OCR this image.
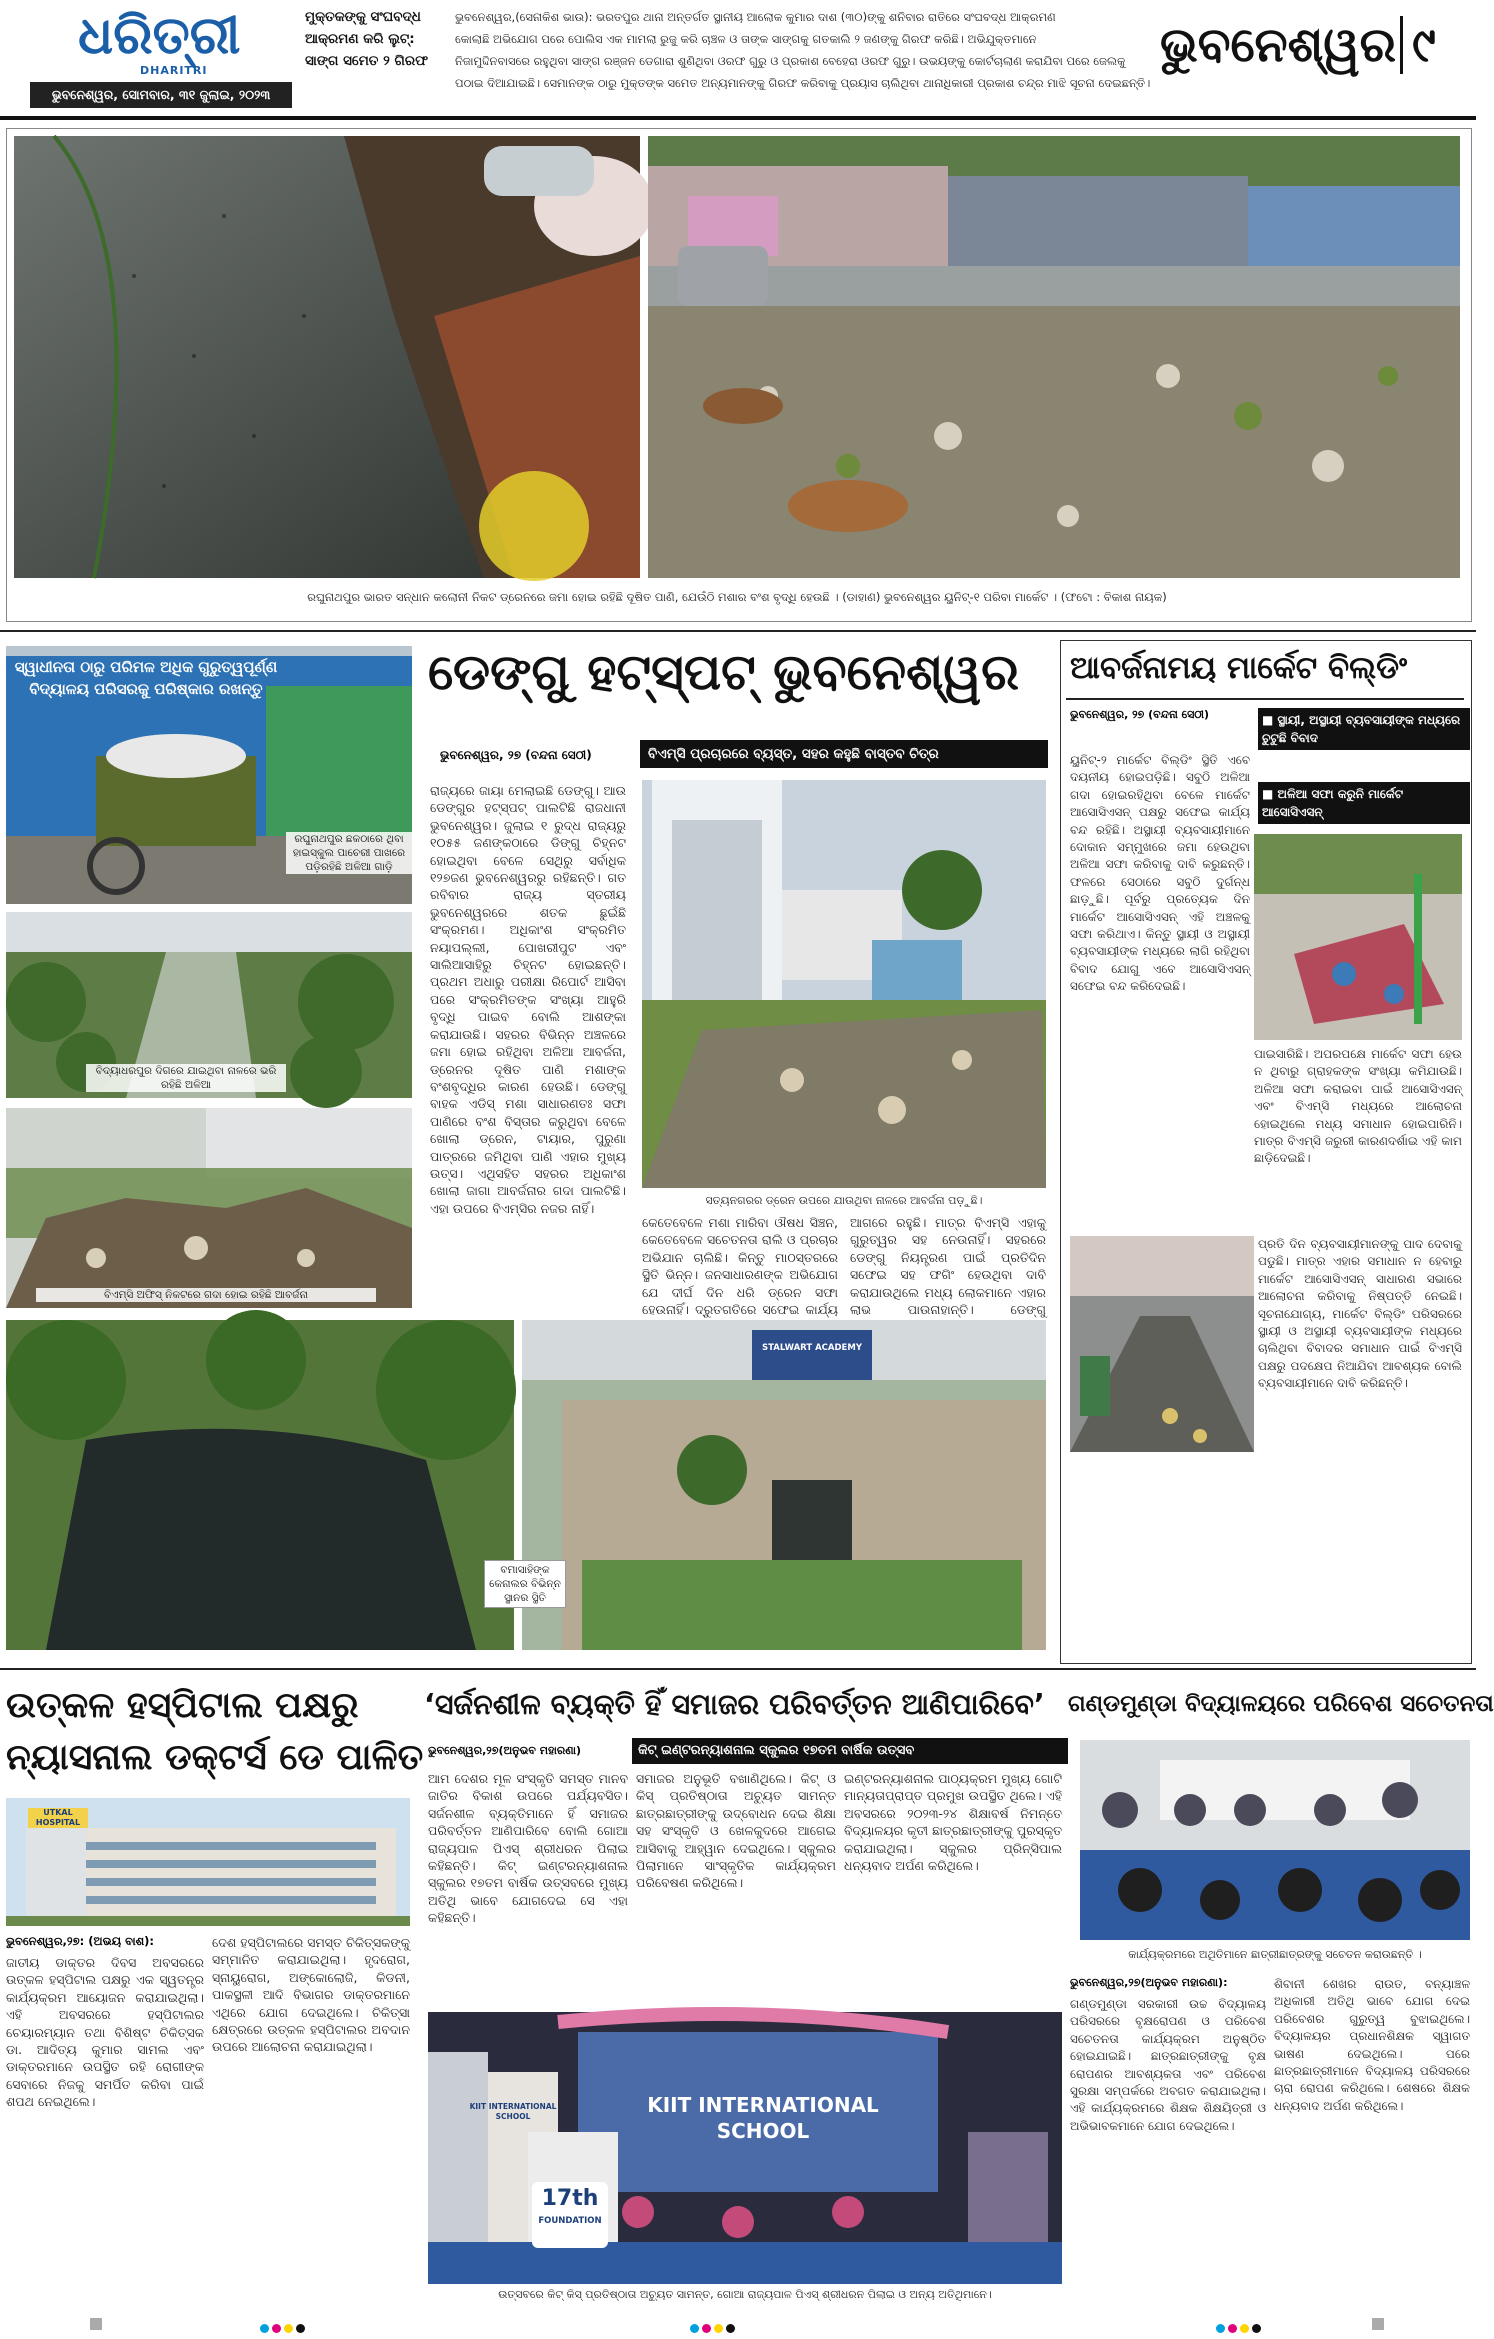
ଧରିତ୍ରୀ
DHARITRI
ଭୁବନେଶ୍ୱର, ସୋମବାର, ୩୧ ଜୁଲାଇ, ୨୦୨୩
ମୁକ୍ତକଙ୍କୁ ସଂଘବଦ୍ଧ
ଆକ୍ରମଣ କରି ଲୁଟ୍‌:
ସାଙ୍ଗ ସମେତ ୨ ଗିରଫ
ଭୁବନେଶ୍ୱର,(ସେନାକିଶ ଭାଉ): ଭରତପୁର ଥାନା ଅନ୍ତର୍ଗତ ସ୍ଥାନୀୟ ଆଲୋକ କୁମାର ଦାଶ (୩୦)ଙ୍କୁ ଶନିବାର ରାତିରେ ସଂଘବଦ୍ଧ ଆକ୍ରମଣ
କୋଲାଛି ଅଭିଯୋଗ ପରେ ପୋଲିସ ଏକ ମାମଲା ରୁଜୁ କରି ଚାଞ୍ଚଳ ଓ ତାଙ୍କ ସାଙ୍ଗକୁ ଗତକାଲି ୨ ଜଣଙ୍କୁ ଗିରଫ କରିଛି। ଅଭିଯୁକ୍ତମାନେ
ନିଜାମୁଦ୍ଦିନବାସରେ ରହୁଥିବା ସାଙ୍ଗ ରଞ୍ଜନ ଡେଗାରା ଶୁଣିଥିବା ଓରଫ ଗୁରୁ ଓ ପ୍ରକାଶ ବେହେରା ଓରଫ ଗୁରୁ। ଉଭୟଙ୍କୁ କୋର୍ଟଚାଲାଣ କରାଯିବା ପରେ ଜେଲକୁ
ପଠାଇ ଦିଆଯାଇଛି। ସେମାନଙ୍କ ଠାରୁ ମୁକ୍ତଙ୍କ ସମେତ ଅନ୍ୟମାନଙ୍କୁ ଗିରଫ କରିବାକୁ ପ୍ରୟାସ ଚାଲିଥିବା ଥାନାଧିକାରୀ ପ୍ରକାଶ ଚନ୍ଦ୍ର ମାଝି ସୂଚନା ଦେଇଛନ୍ତି।
ଭୁବନେଶ୍ୱର ୯
ରଘୁନାଥପୁର ଭାରତ ସନ୍ଧାନ କଲୋନୀ ନିକଟ ଡ୍ରେନରେ ଜମା ହୋଇ ରହିଛି ଦୂଷିତ ପାଣି, ଯେଉଁଠି ମଶାର ବଂଶ ବୃଦ୍ଧି ହେଉଛି । (ଡାହାଣ) ଭୁବନେଶ୍ୱର ୟୁନିଟ୍‌-୧ ପରିବା ମାର୍କେଟ । (ଫଟୋ : ବିକାଶ ନାୟକ)
ସ୍ୱାଧୀନତା ଠାରୁ ପରିମଳ ଅଧିକ ଗୁରୁତ୍ୱପୂର୍ଣ୍ଣ
ବିଦ୍ୟାଳୟ ପରିସରକୁ ପରିଷ୍କାର ରଖନ୍ତୁ
ରଘୁନାଥପୁର ଛକଠାରେ ଥିବା ହାଇସ୍କୁଲ ପାଚେରୀ ପାଖରେ ପଡ଼ିରହିଛି ଅଳିଆ ଗାଡ଼ି
ବିଦ୍ୟାଧରପୁର ଦିଗରେ ଯାଇଥିବା ନାଳରେ ଭରି ରହିଛି ଅଳିଆ
ବିଏମ୍‌ସି ଅଫିସ୍‌ ନିକଟରେ ଗଦା ହୋଇ ରହିଛି ଆବର୍ଜନା
ଡେଙ୍ଗୁ ହଟ୍‌ସ୍ପଟ୍‌ ଭୁବନେଶ୍ୱର
ଭୁବନେଶ୍ୱର, ୨୭ (ବନ୍ଦନା ସେଠୀ)	ବିଏମ୍‌ସି ପ୍ରଚାରରେ ବ୍ୟସ୍ତ, ସହର କହୁଛି ବାସ୍ତବ ଚିତ୍ର
ରାଜ୍ୟରେ ଜାୟା ମେଲାଇଛି ଡେଙ୍ଗୁ। ଆଉ ଡେଙ୍ଗୁର ହଟ୍‌ସ୍ପଟ୍‌ ପାଲଟିଛି ରାଜଧାନୀ ଭୁବନେଶ୍ୱର। ଜୁଲାଇ ୧ ରୁଦ୍ଧ ରାଜ୍ୟରୁ ୧୦୫୫ ଜଣଙ୍କଠାରେ ଡିଙ୍ଗୁ ଚିହ୍ନଟ ହୋଇଥିବା ବେଳେ ସେଥିରୁ ସର୍ବାଧିକ ୧୨୭ଜଣ ଭୁବନେଶ୍ୱରରୁ ରହିଛନ୍ତି। ଗତ ରବିବାର ରାଜ୍ୟ ସ୍ତରୀୟ ଭୁବନେଶ୍ୱରରେ ଶତକ ଛୁଇଁଛି ସଂକ୍ରମଣ। ଅଧିକାଂଶ ସଂକ୍ରମିତ ନୟାପଲ୍ଲୀ, ପୋଖରୀପୁଟ ଏବଂ ସାଲିଆସାହିରୁ ଚିହ୍ନଟ ହୋଇଛନ୍ତି। ପ୍ରଥମ ଅଧାରୁ ପରୀକ୍ଷା ରିପୋର୍ଟ ଆସିବା ପରେ ସଂକ୍ରମିତଙ୍କ ସଂଖ୍ୟା ଆହୁରି ବୃଦ୍ଧି ପାଇବ ବୋଲି ଆଶଙ୍କା କରାଯାଉଛି। ସହରର ବିଭିନ୍ନ ଅଞ୍ଚଳରେ ଜମା ହୋଇ ରହିଥିବା ଅଳିଆ ଆବର୍ଜନା, ଡ୍ରେନର ଦୂଷିତ ପାଣି ମଶାଙ୍କ ବଂଶବୃଦ୍ଧିର କାରଣ ହେଉଛି। ଡେଙ୍ଗୁ ବାହକ ଏଡିସ୍‌ ମଶା ସାଧାରଣତଃ ସଫା ପାଣିରେ ବଂଶ ବିସ୍ତାର କରୁଥିବା ବେଳେ ଖୋଲା ଡ୍ରେନ, ଟାୟାର, ପୁରୁଣା ପାତ୍ରରେ ଜମିଥିବା ପାଣି ଏହାର ମୁଖ୍ୟ ଉତ୍ସ। ଏଥିସହିତ ସହରର ଅଧିକାଂଶ ଖୋଲା ଜାଗା ଆବର୍ଜନାର ଗଦା ପାଲଟିଛି। ଏହା ଉପରେ ବିଏମ୍‌ସିର ନଜର ନାହିଁ।
ସତ୍ୟନଗରର ଡ୍ରେନ ଉପରେ ଯାଉଥିବା ନାଳରେ ଆବର୍ଜନା ପଡ଼ୁଛି।
କେତେବେଳେ ମଶା ମାରିବା ଔଷଧ ସିଞ୍ଚନ, କେତେବେଳେ ସଚେତନତା ରାଲି ଓ ପ୍ରଚାର ଅଭିଯାନ ଚାଲିଛି। କିନ୍ତୁ ମାଠସ୍ତରରେ ସ୍ଥିତି ଭିନ୍ନ। ଜନସାଧାରଣଙ୍କ ଅଭିଯୋଗ ଯେ ଦୀର୍ଘ ଦିନ ଧରି ଡ୍ରେନ ସଫା ହେଉନାହିଁ। ଦ୍ରୁତଗତିରେ ସଫେଇ କାର୍ଯ୍ୟ
ଆଗରେ ରହୁଛି। ମାତ୍ର ବିଏମ୍‌ସି ଏହାକୁ ଗୁରୁତ୍ୱର ସହ ନେଉନାହିଁ। ସହରରେ ଡେଙ୍ଗୁ ନିୟନ୍ତ୍ରଣ ପାଇଁ ପ୍ରତିଦିନ ସଫେଇ ସହ ଫଗିଂ ହେଉଥିବା ଦାବି କରାଯାଉଥିଲେ ମଧ୍ୟ ଲୋକମାନେ ଏହାର ଲାଭ ପାଉନାହାନ୍ତି। ଡେଙ୍ଗୁ
STALWART ACADEMY
ବମାସାହିଙ୍କ କେନାଲର ବିଭିନ୍ନ ସ୍ଥାନର ସ୍ଥିତି
ଆବର୍ଜନାମୟ ମାର୍କେଟ ବିଲ୍ଡିଂ
ଭୁବନେଶ୍ୱର, ୨୭ (ବନ୍ଦନା ସେଠୀ)	■ ସ୍ଥାୟୀ, ଅସ୍ଥାୟୀ ବ୍ୟବସାୟୀଙ୍କ ମଧ୍ୟରେ ଚୁଟୁଛି ବିବାଦ
■ ଅଳିଆ ସଫା କରୁନି ମାର୍କେଟ ଆସୋସିଏସନ୍‌
ୟୁନିଟ୍‌-୨ ମାର୍କେଟ ବିଲ୍ଡିଂ ସ୍ଥିତି ଏବେ ଦୟନୀୟ ହୋଇପଡ଼ିଛି। ସବୁଠି ଅଳିଆ ଗଦା ହୋଇରହିଥିବା ବେଳେ ମାର୍କେଟ ଆସୋସିଏସନ୍‌ ପକ୍ଷରୁ ସଫେଇ କାର୍ଯ୍ୟ ବନ୍ଦ ରହିଛି। ଅସ୍ଥାୟୀ ବ୍ୟବସାୟୀମାନେ ଦୋକାନ ସମ୍ମୁଖରେ ଜମା ହେଉଥିବା ଅଳିଆ ସଫା କରିବାକୁ ଦାବି କରୁଛନ୍ତି। ଫଳରେ ସେଠାରେ ସବୁଠି ଦୁର୍ଗନ୍ଧ ଛାଡ଼ୁଛି। ପୂର୍ବରୁ ପ୍ରତ୍ୟେକ ଦିନ ମାର୍କେଟ ଆସୋସିଏସନ୍‌ ଏହି ଅଞ୍ଚଳକୁ ସଫା କରିଥାଏ। କିନ୍ତୁ ସ୍ଥାୟୀ ଓ ଅସ୍ଥାୟୀ ବ୍ୟବସାୟୀଙ୍କ ମଧ୍ୟରେ ଲାଗି ରହିଥିବା ବିବାଦ ଯୋଗୁ ଏବେ ଆସୋସିଏସନ୍‌ ସଫେଇ ବନ୍ଦ କରିଦେଇଛି।
ପାଇସାରିଛି। ଅପରପକ୍ଷେ ମାର୍କେଟ ସଫା ହେଉ ନ ଥିବାରୁ ଗ୍ରାହକଙ୍କ ସଂଖ୍ୟା କମିଯାଉଛି। ଅଳିଆ ସଫା କରାଇବା ପାଇଁ ଆସୋସିଏସନ୍‌ ଏବଂ ବିଏମ୍‌ସି ମଧ୍ୟରେ ଆଲୋଚନା ହୋଇଥିଲେ ମଧ୍ୟ ସମାଧାନ ହୋଇପାରିନି। ମାତ୍ର ବିଏମ୍‌ସି ଜରୁରୀ କାରଣଦର୍ଶାଇ ଏହି କାମ ଛାଡ଼ିଦେଇଛି।
ପ୍ରତି ଦିନ ବ୍ୟବସାୟୀମାନଙ୍କୁ ପାଦ ଦେବାକୁ ପଡୁଛି। ମାତ୍ର ଏହାର ସମାଧାନ ନ ହେବାରୁ ମାର୍କେଟ ଆସୋସିଏସନ୍‌ ସାଧାରଣ ସଭାରେ ଆଲୋଚନା କରିବାକୁ ନିଷ୍ପତ୍ତି ନେଇଛି। ସୂଚନାଯୋଗ୍ୟ, ମାର୍କେଟ ବିଲ୍ଡିଂ ପରିସରରେ ସ୍ଥାୟୀ ଓ ଅସ୍ଥାୟୀ ବ୍ୟବସାୟୀଙ୍କ ମଧ୍ୟରେ ଚାଲିଥିବା ବିବାଦର ସମାଧାନ ପାଇଁ ବିଏମ୍‌ସି ପକ୍ଷରୁ ପଦକ୍ଷେପ ନିଆଯିବା ଆବଶ୍ୟକ ବୋଲି ବ୍ୟବସାୟୀମାନେ ଦାବି କରିଛନ୍ତି।
ଉତ୍କଳ ହସ୍ପିଟାଲ ପକ୍ଷରୁ
ନ୍ୟାସନାଲ ଡକ୍ଟର୍ସ ଡେ ପାଳିତ
UTKAL HOSPITAL
ଭୁବନେଶ୍ୱର,୨୭: (ଅଭୟ ବାଶ):
ଜାତୀୟ ଡାକ୍ତର ଦିବସ ଅବସରରେ ଉତ୍କଳ ହସ୍ପିଟାଲ ପକ୍ଷରୁ ଏକ ସ୍ୱତନ୍ତ୍ର କାର୍ଯ୍ୟକ୍ରମ ଆୟୋଜନ କରାଯାଇଥିଲା। ଏହି ଅବସରରେ ହସ୍ପିଟାଲର ଚେୟାରମ୍ୟାନ ତଥା ବିଶିଷ୍ଟ ଚିକିତ୍ସକ ଡା. ଆଦିତ୍ୟ କୁମାର ସାମଲ ଏବଂ ଡାକ୍ତରମାନେ ଉପସ୍ଥିତ ରହି ରୋଗୀଙ୍କ ସେବାରେ ନିଜକୁ ସମର୍ପିତ କରିବା ପାଇଁ ଶପଥ ନେଇଥିଲେ।
ଦେଶ ହସ୍ପିଟାଲରେ ସମସ୍ତ ଚିକିତ୍ସକଙ୍କୁ ସମ୍ମାନିତ କରାଯାଇଥିଲା। ହୃଦରୋଗ, ସ୍ନାୟୁରୋଗ, ଅଙ୍କୋଲୋଜି, କିଡନୀ, ପାକସ୍ଥଳୀ ଆଦି ବିଭାଗର ଡାକ୍ତରମାନେ ଏଥିରେ ଯୋଗ ଦେଇଥିଲେ। ଚିକିତ୍ସା କ୍ଷେତ୍ରରେ ଉତ୍କଳ ହସ୍ପିଟାଲର ଅବଦାନ ଉପରେ ଆଲୋଚନା କରାଯାଇଥିଲା।
‘ସର୍ଜନଶୀଳ ବ୍ୟକ୍ତି ହିଁ ସମାଜର ପରିବର୍ତ୍ତନ ଆଣିପାରିବେ’
ଭୁବନେଶ୍ୱର,୨୭(ଅନୁଭବ ମହାରଣା)	କିଟ୍‌ ଇଣ୍ଟରନ୍ୟାଶନାଲ ସ୍କୁଲର ୧୭ତମ ବାର୍ଷିକ ଉତ୍ସବ
ଆମ ଦେଶର ମୂଳ ସଂସ୍କୃତି ସମସ୍ତ ମାନବ ଜାତିର ବିକାଶ ଉପରେ ପର୍ଯ୍ୟବସିତ। ସର୍ଜନଶୀଳ ବ୍ୟକ୍ତିମାନେ ହିଁ ସମାଜର ପରିବର୍ତ୍ତନ ଆଣିପାରିବେ ବୋଲି ଗୋଆ ରାଜ୍ୟପାଳ ପିଏସ୍‌ ଶ୍ରୀଧରନ ପିଲାଇ କହିଛନ୍ତି। କିଟ୍‌ ଇଣ୍ଟରନ୍ୟାଶନାଲ ସ୍କୁଲର ୧୭ତମ ବାର୍ଷିକ ଉତ୍ସବରେ ମୁଖ୍ୟ ଅତିଥି ଭାବେ ଯୋଗଦେଇ ସେ ଏହା କହିଛନ୍ତି।
ସମାଜର ଅନୁଭୂତି ବଖାଣିଥିଲେ। କିଟ୍‌ ଓ କିସ୍‌ ପ୍ରତିଷ୍ଠାତା ଅଚ୍ୟୁତ ସାମନ୍ତ ଛାତ୍ରଛାତ୍ରୀଙ୍କୁ ଉଦ୍‌ବୋଧନ ଦେଇ ଶିକ୍ଷା ସହ ସଂସ୍କୃତି ଓ ଖେଳକୁଦରେ ଆଗେଇ ଆସିବାକୁ ଆହ୍ୱାନ ଦେଇଥିଲେ। ସ୍କୁଲର ପିଲାମାନେ ସାଂସ୍କୃତିକ କାର୍ଯ୍ୟକ୍ରମ ପରିବେଷଣ କରିଥିଲେ।
ଇଣ୍ଟରନ୍ୟାଶନାଲ ପାଠ୍ୟକ୍ରମ ମୁଖ୍ୟ ଗୋଟି ମାନ୍ୟତାପ୍ରାପ୍ତ ପ୍ରମୁଖ ଉପସ୍ଥିତ ଥିଲେ। ଏହି ଅବସରରେ ୨୦୨୩-୨୪ ଶିକ୍ଷାବର୍ଷ ନିମନ୍ତେ ବିଦ୍ୟାଳୟର କୃତୀ ଛାତ୍ରଛାତ୍ରୀଙ୍କୁ ପୁରସ୍କୃତ କରାଯାଇଥିଲା। ସ୍କୁଲର ପ୍ରିନ୍ସିପାଲ ଧନ୍ୟବାଦ ଅର୍ପଣ କରିଥିଲେ।
KIIT INTERNATIONAL SCHOOL
KIIT INTERNATIONAL SCHOOL
17th
FOUNDATION
ଉତ୍ସବରେ କିଟ୍‌ କିସ୍‌ ପ୍ରତିଷ୍ଠାତା ଅଚ୍ୟୁତ ସାମନ୍ତ, ଗୋଆ ରାଜ୍ୟପାଳ ପିଏସ୍‌ ଶ୍ରୀଧରନ ପିଲାଇ ଓ ଅନ୍ୟ ଅତିଥିମାନେ।
ଗଣ୍ଡମୁଣ୍ଡା ବିଦ୍ୟାଳୟରେ ପରିବେଶ ସଚେତନତା
କାର୍ଯ୍ୟକ୍ରମରେ ଅଥିତିମାନେ ଛାତ୍ରୀଛାତ୍ରଙ୍କୁ ସଚେତନ କରାଉଛନ୍ତି ।
ଭୁବନେଶ୍ୱର,୨୭(ଅନୁଭବ ମହାରଣା):
ଗଣ୍ଡମୁଣ୍ଡା ସରକାରୀ ଉଚ୍ଚ ବିଦ୍ୟାଳୟ ପରିସରରେ ବୃକ୍ଷରୋପଣ ଓ ପରିବେଶ ସଚେତନତା କାର୍ଯ୍ୟକ୍ରମ ଅନୁଷ୍ଠିତ ହୋଇଯାଇଛି। ଛାତ୍ରଛାତ୍ରୀଙ୍କୁ ବୃକ୍ଷ ରୋପଣର ଆବଶ୍ୟକତା ଏବଂ ପରିବେଶ ସୁରକ୍ଷା ସମ୍ପର୍କରେ ଅବଗତ କରାଯାଇଥିଲା। ଏହି କାର୍ଯ୍ୟକ୍ରମରେ ଶିକ୍ଷକ ଶିକ୍ଷୟିତ୍ରୀ ଓ ଅଭିଭାବକମାନେ ଯୋଗ ଦେଇଥିଲେ।
ଶିବାନୀ ଶେଖର ରାଉତ, ବନ୍ୟାଞ୍ଚଳ ଅଧିକାରୀ ଅତିଥି ଭାବେ ଯୋଗ ଦେଇ ପରିବେଶର ଗୁରୁତ୍ୱ ବୁଝାଇଥିଲେ। ବିଦ୍ୟାଳୟର ପ୍ରଧାନଶିକ୍ଷକ ସ୍ୱାଗତ ଭାଷଣ ଦେଇଥିଲେ। ପରେ ଛାତ୍ରଛାତ୍ରୀମାନେ ବିଦ୍ୟାଳୟ ପରିସରରେ ଚାରା ରୋପଣ କରିଥିଲେ। ଶେଷରେ ଶିକ୍ଷକ ଧନ୍ୟବାଦ ଅର୍ପଣ କରିଥିଲେ।
